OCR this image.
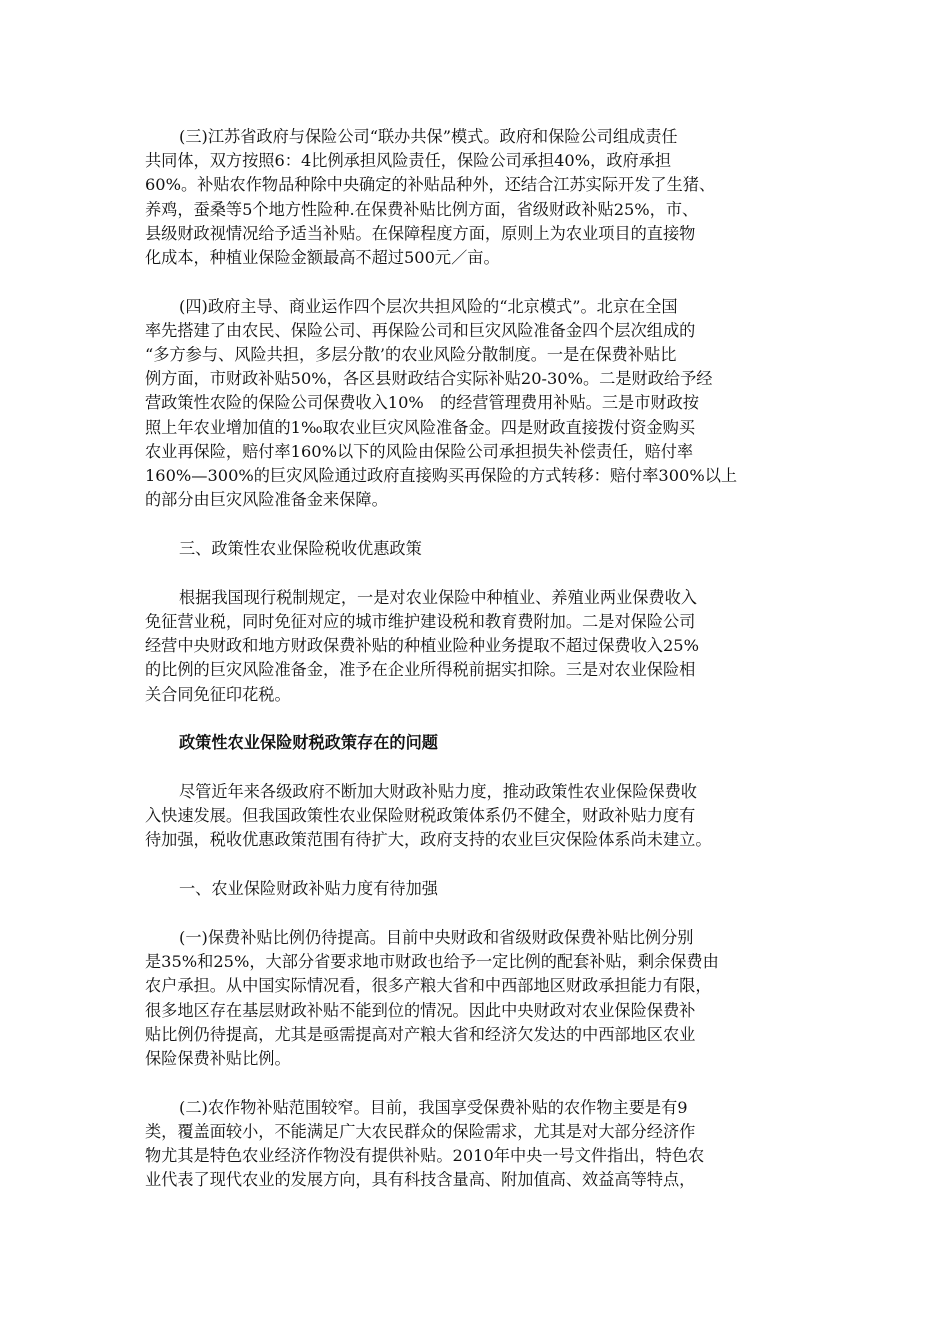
(三)江苏省政府与保险公司“联办共保”模式。政府和保险公司组成责任
共同体，双方按照6：4比例承担风险责任，保险公司承担40%，政府承担
60%。补贴农作物品种除中央确定的补贴品种外，还结合江苏实际开发了生猪、
养鸡，蚕桑等5个地方性险种.在保费补贴比例方面，省级财政补贴25%，市、
县级财政视情况给予适当补贴。在保障程度方面，原则上为农业项目的直接物
化成本，种植业保险金额最高不超过500元／亩。
(四)政府主导、商业运作四个层次共担风险的“北京模式”。北京在全国
率先搭建了由农民、保险公司、再保险公司和巨灾风险准备金四个层次组成的
“多方参与、风险共担，多层分散’的农业风险分散制度。一是在保费补贴比
例方面，市财政补贴50%，各区县财政结合实际补贴20-30%。二是财政给予经
营政策性农险的保险公司保费收入10%　的经营管理费用补贴。三是市财政按
照上年农业增加值的1‰取农业巨灾风险准备金。四是财政直接拨付资金购买
农业再保险，赔付率160%以下的风险由保险公司承担损失补偿责任，赔付率
160%—300%的巨灾风险通过政府直接购买再保险的方式转移：赔付率300%以上
的部分由巨灾风险准备金来保障。
三、政策性农业保险税收优惠政策
根据我国现行税制规定，一是对农业保险中种植业、养殖业两业保费收入
免征营业税，同时免征对应的城市维护建设税和教育费附加。二是对保险公司
经营中央财政和地方财政保费补贴的种植业险种业务提取不超过保费收入25%
的比例的巨灾风险准备金，准予在企业所得税前据实扣除。三是对农业保险相
关合同免征印花税。
政策性农业保险财税政策存在的问题
尽管近年来各级政府不断加大财政补贴力度，推动政策性农业保险保费收
入快速发展。但我国政策性农业保险财税政策体系仍不健全，财政补贴力度有
待加强，税收优惠政策范围有待扩大，政府支持的农业巨灾保险体系尚未建立。
一、农业保险财政补贴力度有待加强
(一)保费补贴比例仍待提高。目前中央财政和省级财政保费补贴比例分别
是35%和25%，大部分省要求地市财政也给予一定比例的配套补贴，剩余保费由
农户承担。从中国实际情况看，很多产粮大省和中西部地区财政承担能力有限，
很多地区存在基层财政补贴不能到位的情况。因此中央财政对农业保险保费补
贴比例仍待提高，尤其是亟需提高对产粮大省和经济欠发达的中西部地区农业
保险保费补贴比例。
(二)农作物补贴范围较窄。目前，我国享受保费补贴的农作物主要是有9
类，覆盖面较小，不能满足广大农民群众的保险需求，尤其是对大部分经济作
物尤其是特色农业经济作物没有提供补贴。2010年中央一号文件指出，特色农
业代表了现代农业的发展方向，具有科技含量高、附加值高、效益高等特点，
